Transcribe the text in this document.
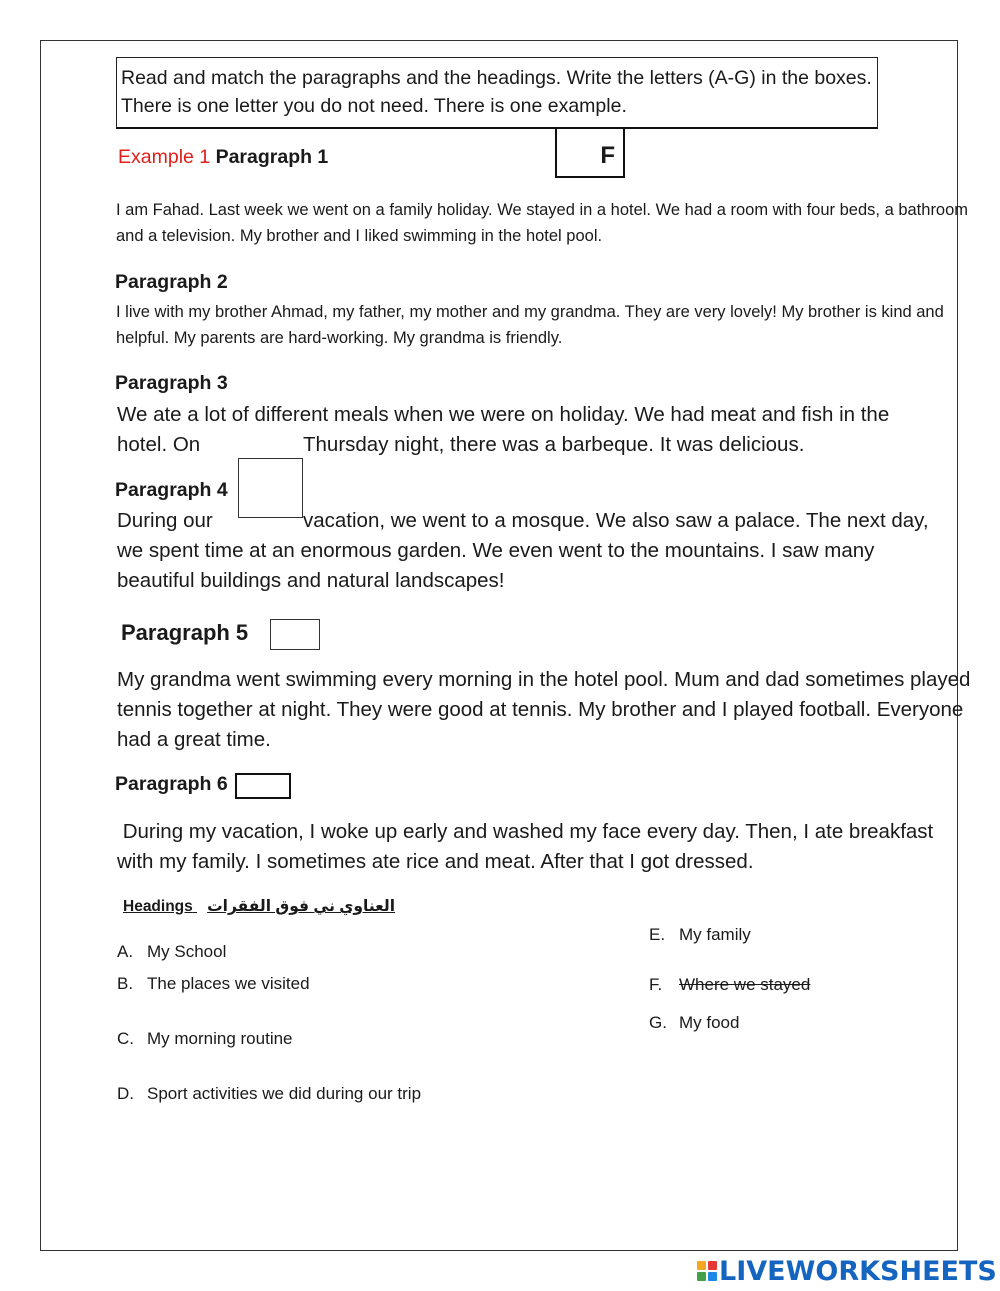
Read and match the paragraphs and the headings. Write the letters (A-G) in the boxes. There is one letter you do not need. There is one example.
Example 1 Paragraph 1	F
I am Fahad. Last week we went on a family holiday. We stayed in a hotel. We had a room with four beds, a bathroom and a television. My brother and I liked swimming in the hotel pool.
Paragraph 2
I live with my brother Ahmad, my father, my mother and my grandma. They are very lovely! My brother is kind and helpful. My parents are hard-working. My grandma is friendly.
Paragraph 3
We ate a lot of different meals when we were on holiday. We had meat and fish in the
hotel. On	Thursday night, there was a barbeque. It was delicious.
Paragraph 4
During our	vacation, we went to a mosque. We also saw a palace. The next day,
we spent time at an enormous garden. We even went to the mountains. I saw many
beautiful buildings and natural landscapes!
Paragraph 5
My grandma went swimming every morning in the hotel pool. Mum and dad sometimes played tennis together at night. They were good at tennis. My brother and I played football. Everyone had a great time.
Paragraph 6
During my vacation, I woke up early and washed my face every day. Then, I ate breakfast with my family. I sometimes ate rice and meat. After that I got dressed.
Headings العناوي ني فوق الفقرات
A. My School
B. The places we visited
C. My morning routine
D. Sport activities we did during our trip
E. My family
F. Where we stayed
G. My food
LIVEWORKSHEETS
